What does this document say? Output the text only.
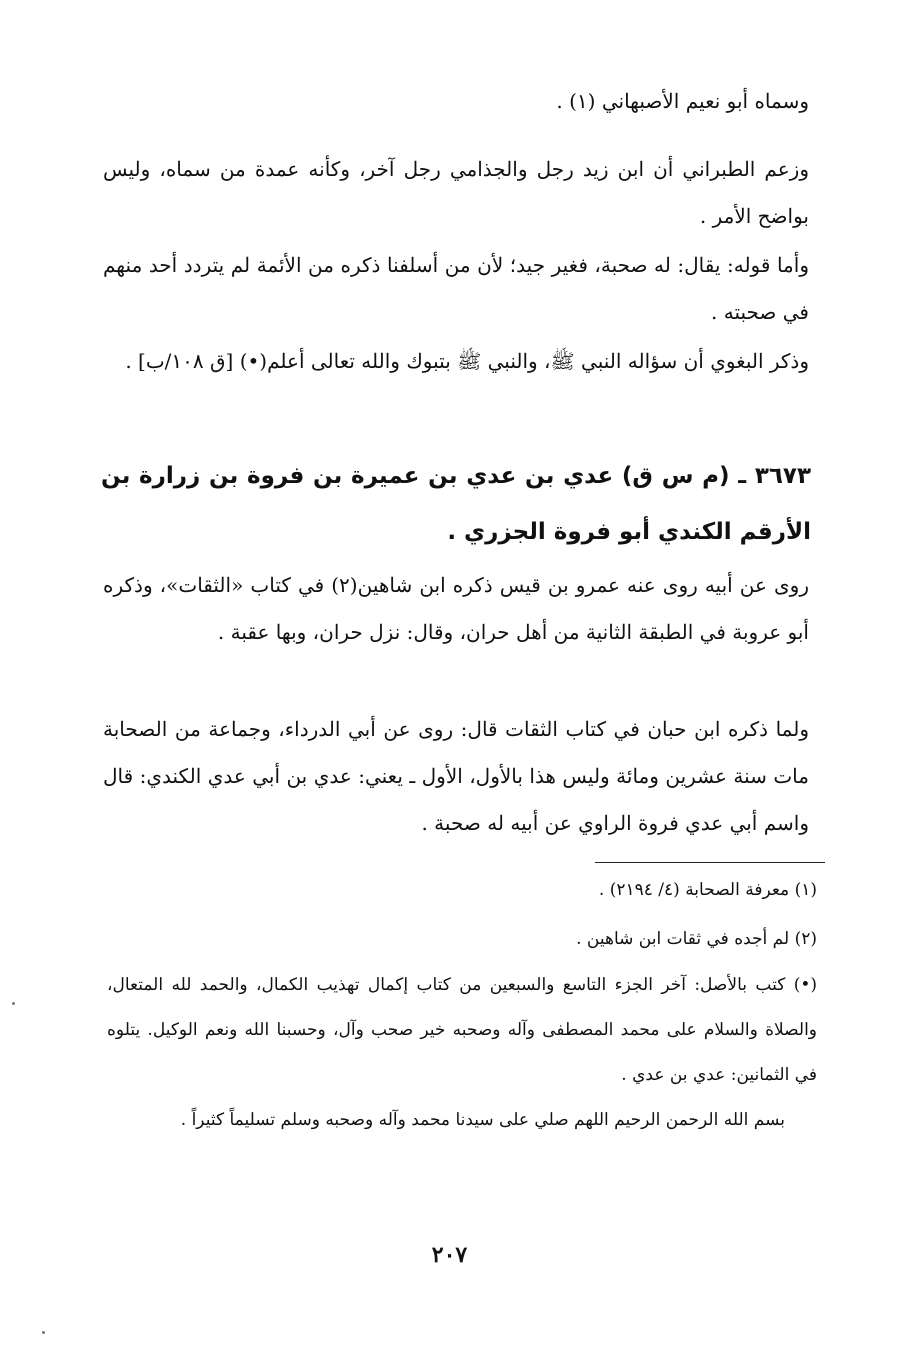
وسماه أبو نعيم الأصبهاني (١) .

وزعم الطبراني أن ابن زيد رجل والجذامي رجل آخر، وكأنه عمدة من سماه، وليس بواضح الأمر .

وأما قوله: يقال: له صحبة، فغير جيد؛ لأن من أسلفنا ذكره من الأئمة لم يتردد أحد منهم في صحبته .

وذكر البغوي أن سؤاله النبي ﷺ، والنبي ﷺ بتبوك والله تعالى أعلم(•) [ق ١٠٨/ب] .

٣٦٧٣ ـ (م س ق) عدي بن عدي بن عميرة بن فروة بن زرارة بن الأرقم الكندي أبو فروة الجزري .

روى عن أبيه روى عنه عمرو بن قيس ذكره ابن شاهين(٢) في كتاب «الثقات»، وذكره أبو عروبة في الطبقة الثانية من أهل حران، وقال: نزل حران، وبها عقبة .

ولما ذكره ابن حبان في كتاب الثقات قال: روى عن أبي الدرداء، وجماعة من الصحابة مات سنة عشرين ومائة وليس هذا بالأول، الأول ـ يعني: عدي بن أبي عدي الكندي: قال واسم أبي عدي فروة الراوي عن أبيه له صحبة .

(١) معرفة الصحابة (٤/ ٢١٩٤) .
(٢) لم أجده في ثقات ابن شاهين .
(•) كتب بالأصل: آخر الجزء التاسع والسبعين من كتاب إكمال تهذيب الكمال، والحمد لله المتعال، والصلاة والسلام على محمد المصطفى وآله وصحبه خير صحب وآل، وحسبنا الله ونعم الوكيل. يتلوه في الثمانين: عدي بن عدي .
بسم الله الرحمن الرحيم اللهم صلي على سيدنا محمد وآله وصحبه وسلم تسليماً كثيراً .
٢٠٧
